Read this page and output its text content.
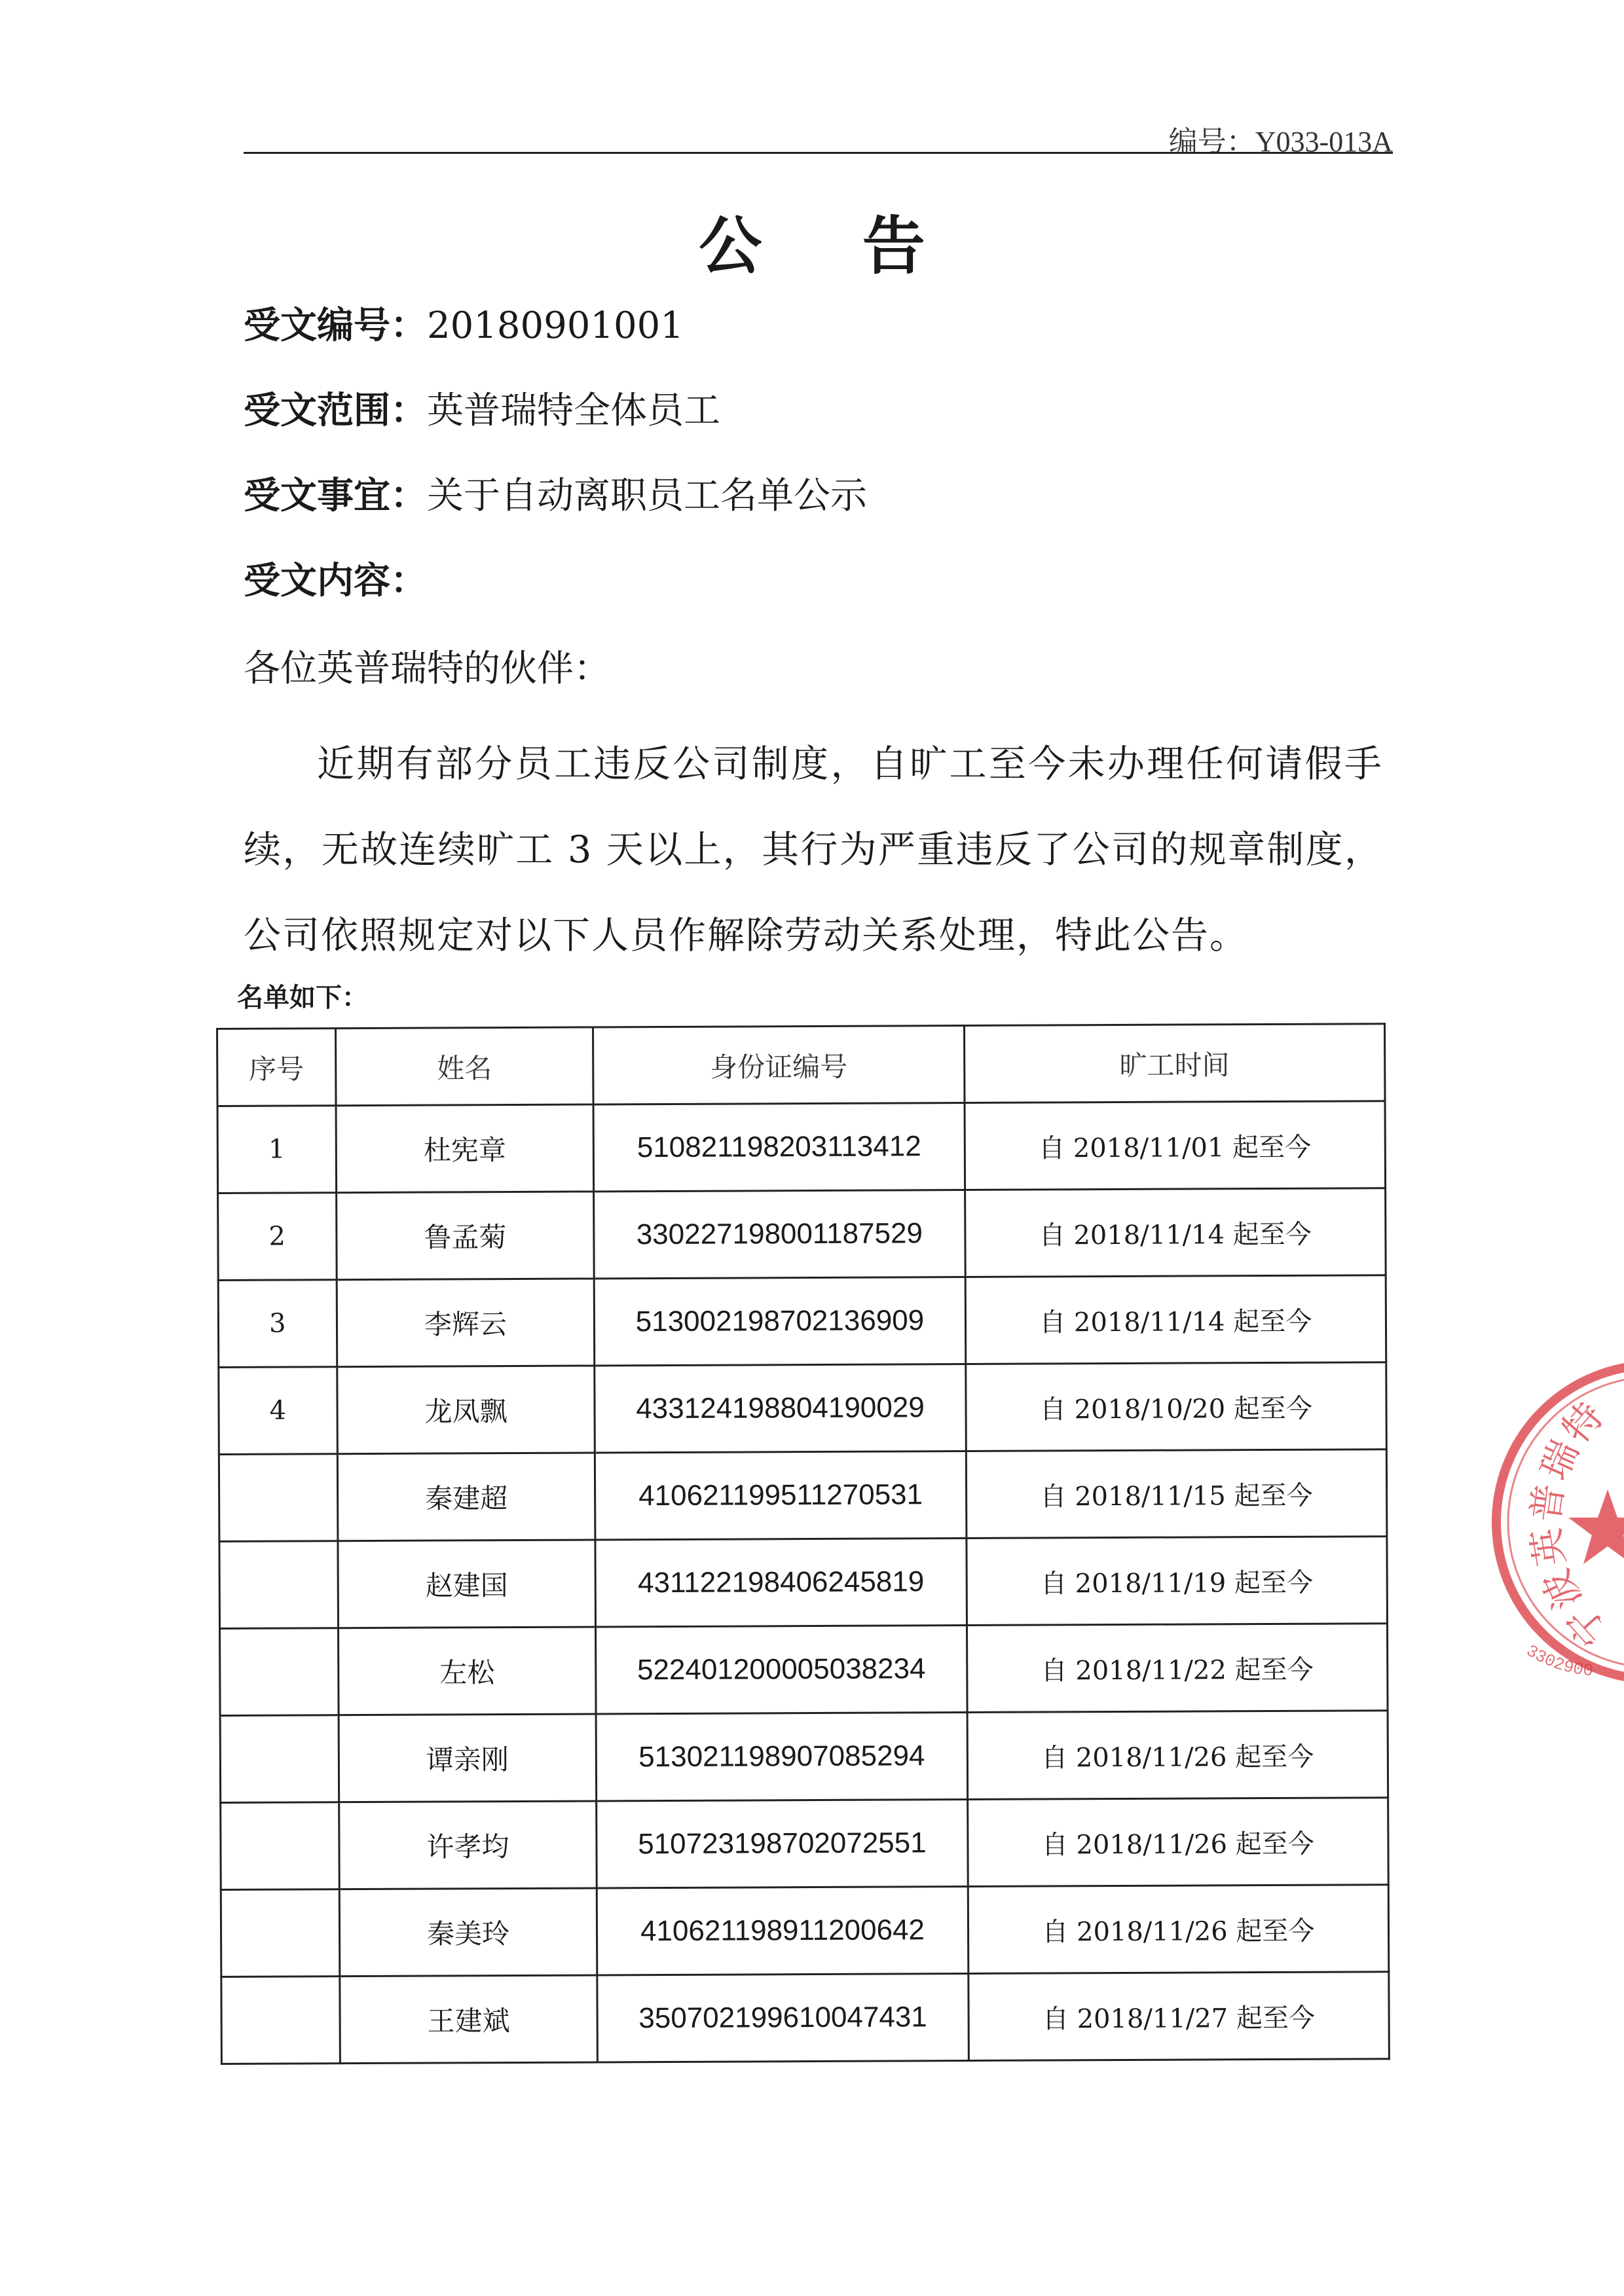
编号：Y033-013A
公 告
受文编号：20180901001
受文范围：英普瑞特全体员工
受文事宜：关于自动离职员工名单公示
受文内容：
各位英普瑞特的伙伴：
近期有部分员工违反公司制度，自旷工至今未办理任何请假手续，无故连续旷工 3 天以上，其行为严重违反了公司的规章制度，公司依照规定对以下人员作解除劳动关系处理，特此公告。
名单如下：
序号	姓名	身份证编号	旷工时间
1	杜宪章	510821198203113412	自 2018/11/01 起至今
2	鲁孟菊	330227198001187529	自 2018/11/14 起至今
3	李辉云	513002198702136909	自 2018/11/14 起至今
4	龙凤飘	433124198804190029	自 2018/10/20 起至今
	秦建超	410621199511270531	自 2018/11/15 起至今
	赵建国	431122198406245819	自 2018/11/19 起至今
	左松	522401200005038234	自 2018/11/22 起至今
	谭亲刚	513021198907085294	自 2018/11/26 起至今
	许孝均	510723198702072551	自 2018/11/26 起至今
	秦美玲	410621198911200642	自 2018/11/26 起至今
	王建斌	350702199610047431	自 2018/11/27 起至今
宁波英普瑞特
3302900
